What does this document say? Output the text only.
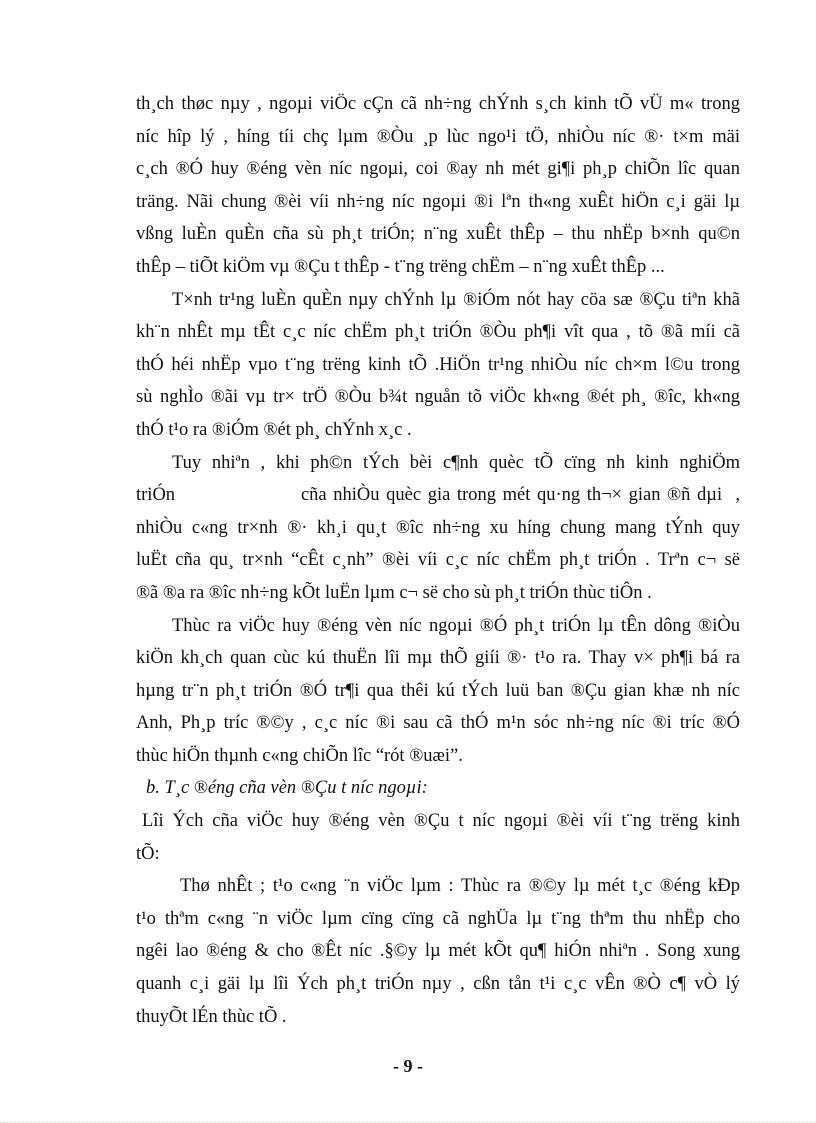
th¸ch thøc nµy , ngoµi viÖc cÇn cã nh÷ng chÝnh s¸ch kinh tÕ vÜ m« trong
níc hîp lý , híng tíi chç lµm ®Òu ¸p lùc ngo¹i tÖ, nhiÒu níc ®· t×m mäi
c¸ch ®Ó huy ®éng vèn níc ngoµi, coi ®ay nh mét gi¶i ph¸p chiÕn lîc quan
träng. Nãi chung ®èi víi nh÷ng níc ngoµi ®i lªn th«ng xuÊt hiÖn c¸i gäi lµ
vßng luÈn quÈn cña sù ph¸t triÓn; n¨ng xuÊt thÊp – thu nhËp b×nh qu©n
thÊp – tiÕt kiÖm vµ ®Çu t thÊp - t¨ng trëng chËm – n¨ng xuÊt thÊp ...
T×nh tr¹ng luÈn quÈn nµy chÝnh lµ ®iÓm nót hay cöa sæ ®Çu tiªn khã
kh¨n nhÊt mµ tÊt c¸c níc chËm ph¸t triÓn ®Òu ph¶i vît qua , tõ ®ã míi cã
thÓ héi nhËp vµo t¨ng trëng kinh tÕ .HiÖn tr¹ng nhiÒu níc ch×m l©u trong
sù nghÌo ®ãi vµ tr× trÖ ®Òu b¾t nguån tõ viÖc kh«ng ®ét ph¸ ®îc, kh«ng
thÓ t¹o ra ®iÓm ®ét ph¸ chÝnh x¸c .
Tuy nhiªn , khi ph©n tÝch bèi c¶nh quèc tÕ cïng nh kinh nghiÖm
triÓn                   cña nhiÒu quèc gia trong mét qu·ng th¬× gian ®ñ dµi  ,
nhiÒu c«ng tr×nh ®· kh¸i qu¸t ®îc nh÷ng xu híng chung mang tÝnh quy
luËt cña qu¸ tr×nh “cÊt c¸nh” ®èi víi c¸c níc chËm ph¸t triÓn . Trªn c¬ së
®ã ®a ra ®îc nh÷ng kÕt luËn lµm c¬ së cho sù ph¸t triÓn thùc tiÔn .
Thùc ra viÖc huy ®éng vèn níc ngoµi ®Ó ph¸t triÓn lµ tÊn dông ®iÒu
kiÖn kh¸ch quan cùc kú thuËn lîi mµ thÕ giíi ®· t¹o ra. Thay v× ph¶i bá ra
hµng tr¨n ph¸t triÓn ®Ó tr¶i qua thêi kú tÝch luü ban ®Çu gian khæ nh níc
Anh, Ph¸p tríc ®©y , c¸c níc ®i sau cã thÓ m¹n sóc nh÷ng níc ®i tríc ®Ó
thùc hiÖn thµnh c«ng chiÕn lîc “rót ®uæi”.
b. T¸c ®éng cña vèn ®Çu t níc ngoµi:
Lîi Ých cña viÖc huy ®éng vèn ®Çu t níc ngoµi ®èi víi t¨ng trëng kinh
tÕ:
Thø nhÊt ; t¹o c«ng ¨n viÖc lµm : Thùc ra ®©y lµ mét t¸c ®éng kÐp
t¹o thªm c«ng ¨n viÖc lµm cïng cïng cã nghÜa lµ t¨ng thªm thu nhËp cho
ngêi lao ®éng & cho ®Êt níc .§©y lµ mét kÕt qu¶ hiÓn nhiªn . Song xung
quanh c¸i gäi lµ lîi Ých ph¸t triÓn nµy , cßn tån t¹i c¸c vÊn ®Ò c¶ vÒ lý
thuyÕt lÉn thùc tÕ .
- 9 -
